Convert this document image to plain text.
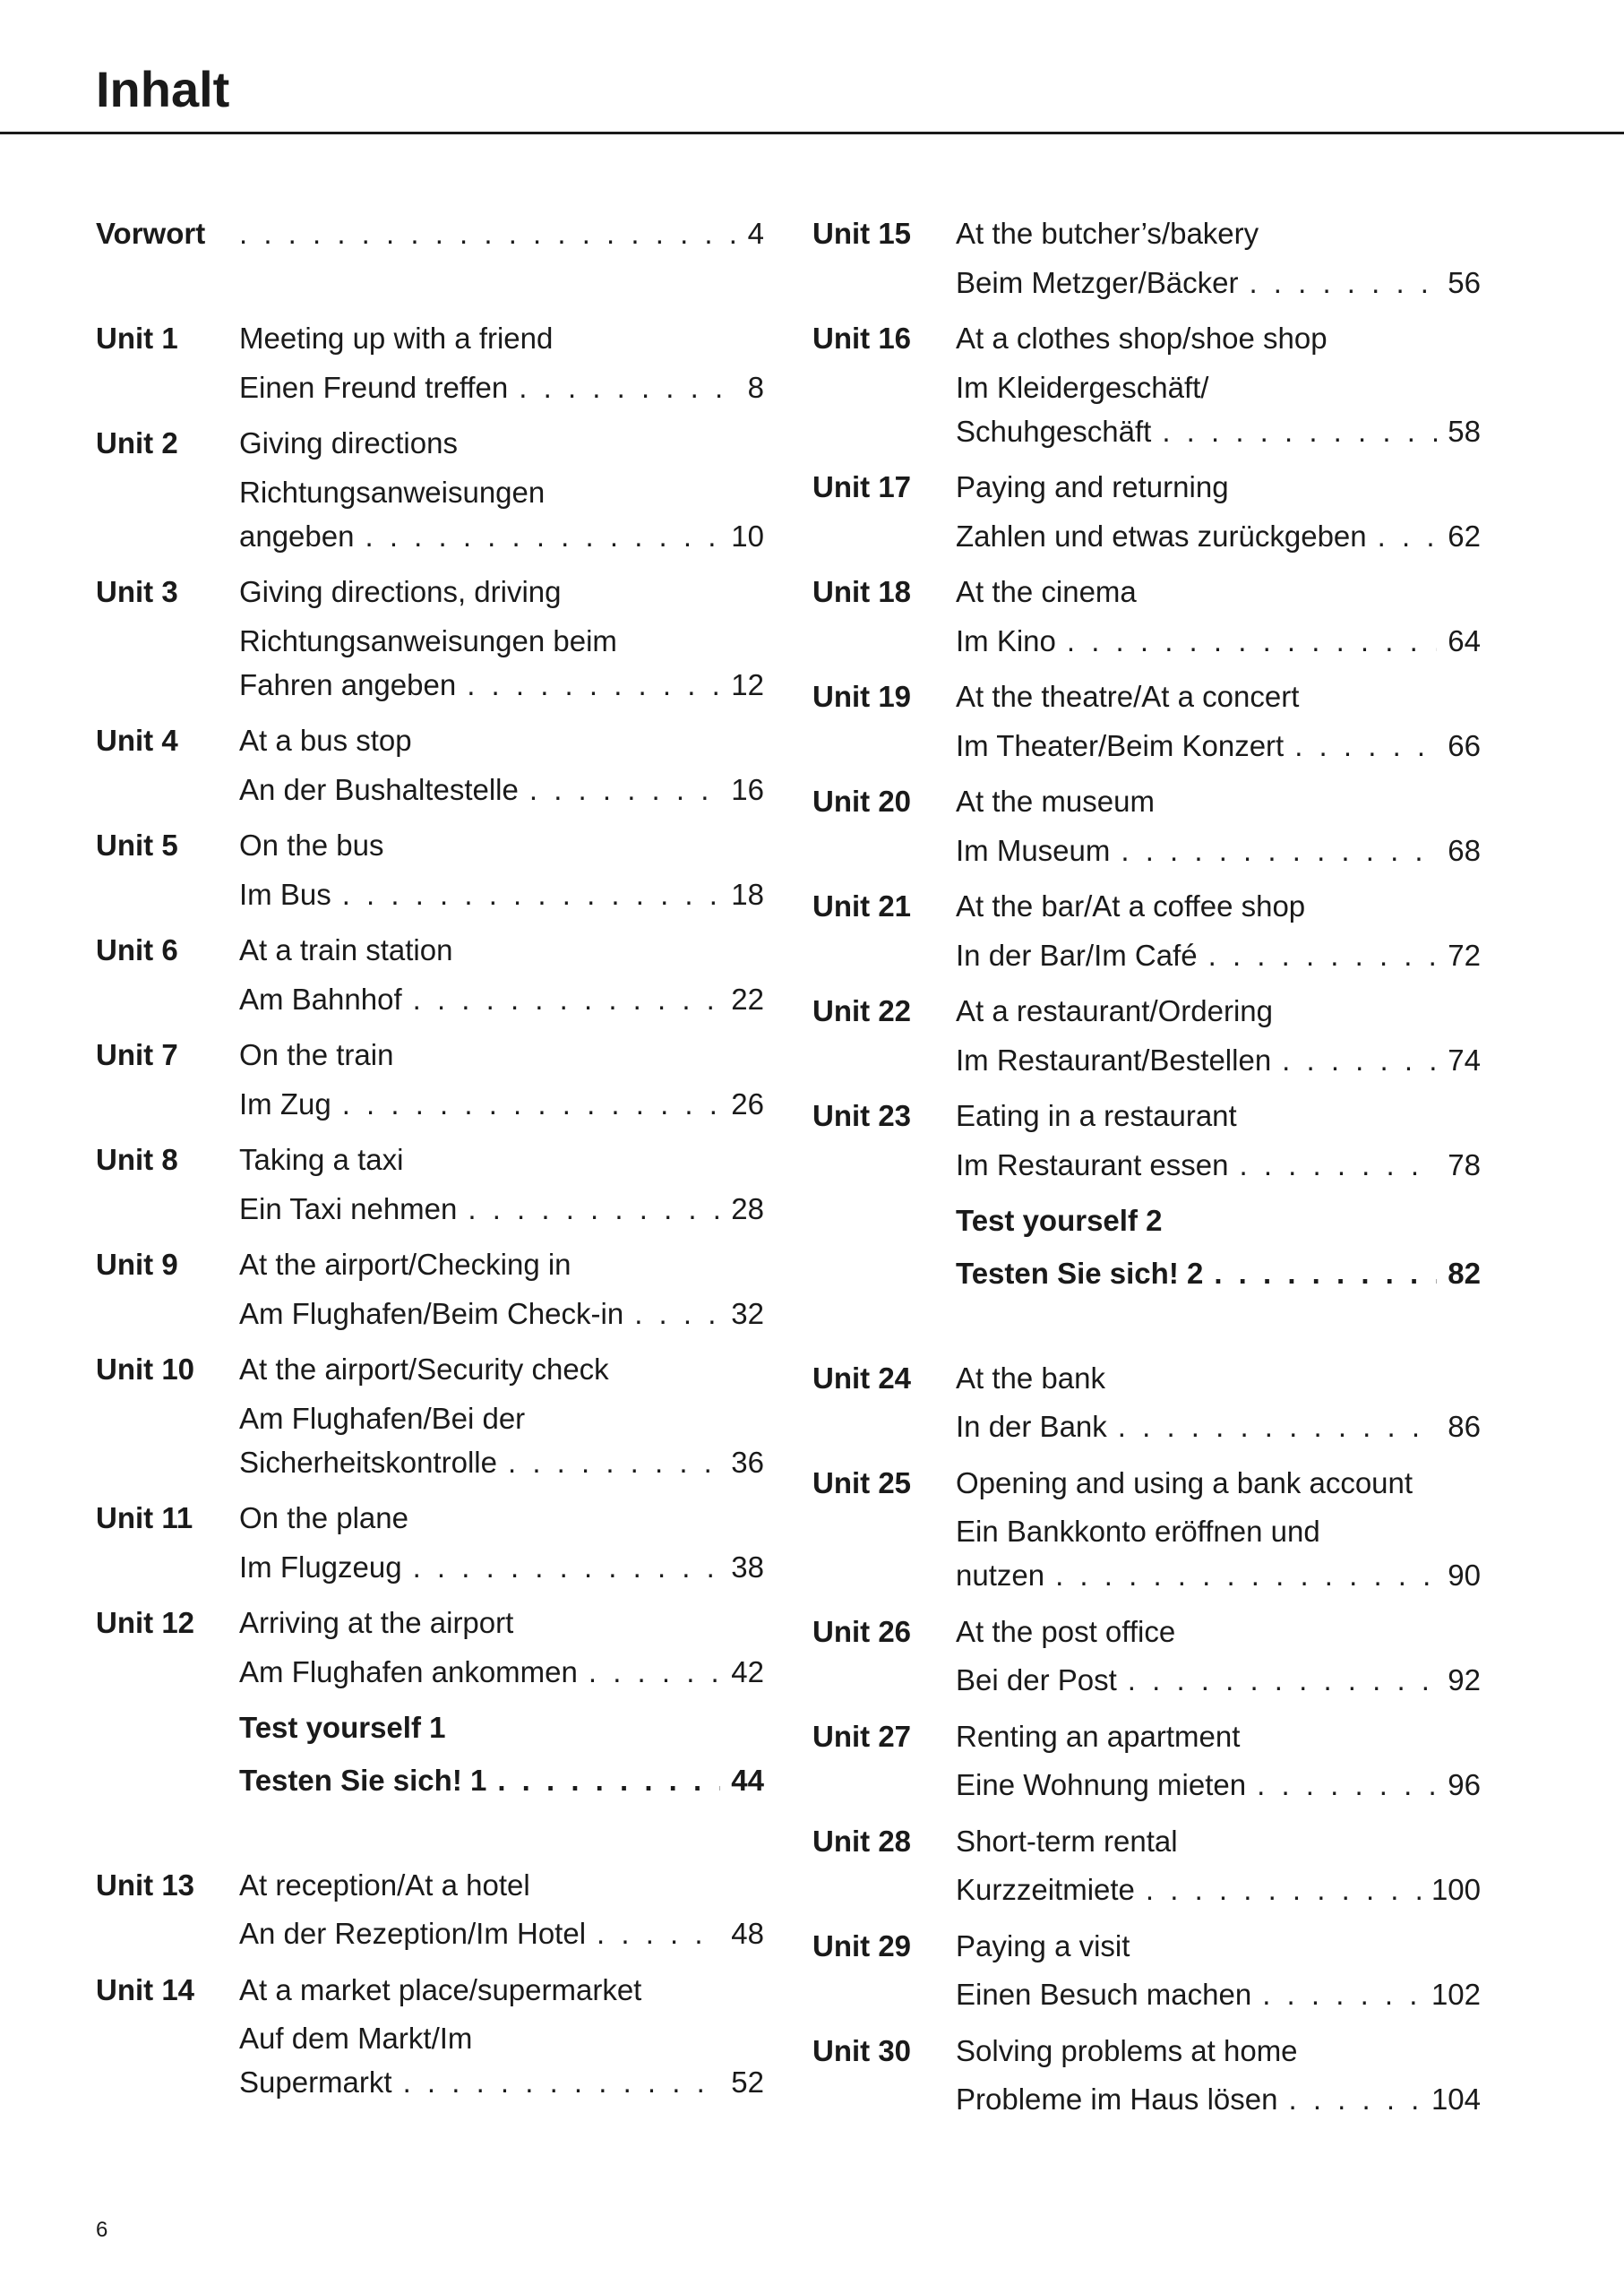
Inhalt
Vorwort . . .	4
Unit 1	Meeting up with a friend
Einen Freund treffen . . .	8
Unit 2	Giving directions
Richtungsanweisungen
angeben . . .	10
Unit 3	Giving directions, driving
Richtungsanweisungen beim
Fahren angeben . . .	12
Unit 4	At a bus stop
An der Bushaltestelle . . .	16
Unit 5	On the bus
Im Bus . . .	18
Unit 6	At a train station
Am Bahnhof . . .	22
Unit 7	On the train
Im Zug . . .	26
Unit 8	Taking a taxi
Ein Taxi nehmen . . .	28
Unit 9	At the airport/Checking in
Am Flughafen/Beim Check-in . . .	32
Unit 10	At the airport/Security check
Am Flughafen/Bei der
Sicherheitskontrolle . . .	36
Unit 11	On the plane
Im Flugzeug . . .	38
Unit 12	Arriving at the airport
Am Flughafen ankommen . . .	42
Test yourself 1
Testen Sie sich! 1 . . .	44
Unit 13	At reception/At a hotel
An der Rezeption/Im Hotel . . .	48
Unit 14	At a market place/supermarket
Auf dem Markt/Im
Supermarkt . . .	52
Unit 15	At the butcher’s/bakery
Beim Metzger/Bäcker . . .	56
Unit 16	At a clothes shop/shoe shop
Im Kleidergeschäft/
Schuhgeschäft . . .	58
Unit 17	Paying and returning
Zahlen und etwas zurückgeben . . .	62
Unit 18	At the cinema
Im Kino . . .	64
Unit 19	At the theatre/At a concert
Im Theater/Beim Konzert . . .	66
Unit 20	At the museum
Im Museum . . .	68
Unit 21	At the bar/At a coffee shop
In der Bar/Im Café . . .	72
Unit 22	At a restaurant/Ordering
Im Restaurant/Bestellen . . .	74
Unit 23	Eating in a restaurant
Im Restaurant essen . . .	78
Test yourself 2
Testen Sie sich! 2 . . .	82
Unit 24	At the bank
In der Bank . . .	86
Unit 25	Opening and using a bank account
Ein Bankkonto eröffnen und
nutzen . . .	90
Unit 26	At the post office
Bei der Post . . .	92
Unit 27	Renting an apartment
Eine Wohnung mieten . . .	96
Unit 28	Short-term rental
Kurzzeitmiete . . .	100
Unit 29	Paying a visit
Einen Besuch machen . . .	102
Unit 30	Solving problems at home
Probleme im Haus lösen . . .	104
6
